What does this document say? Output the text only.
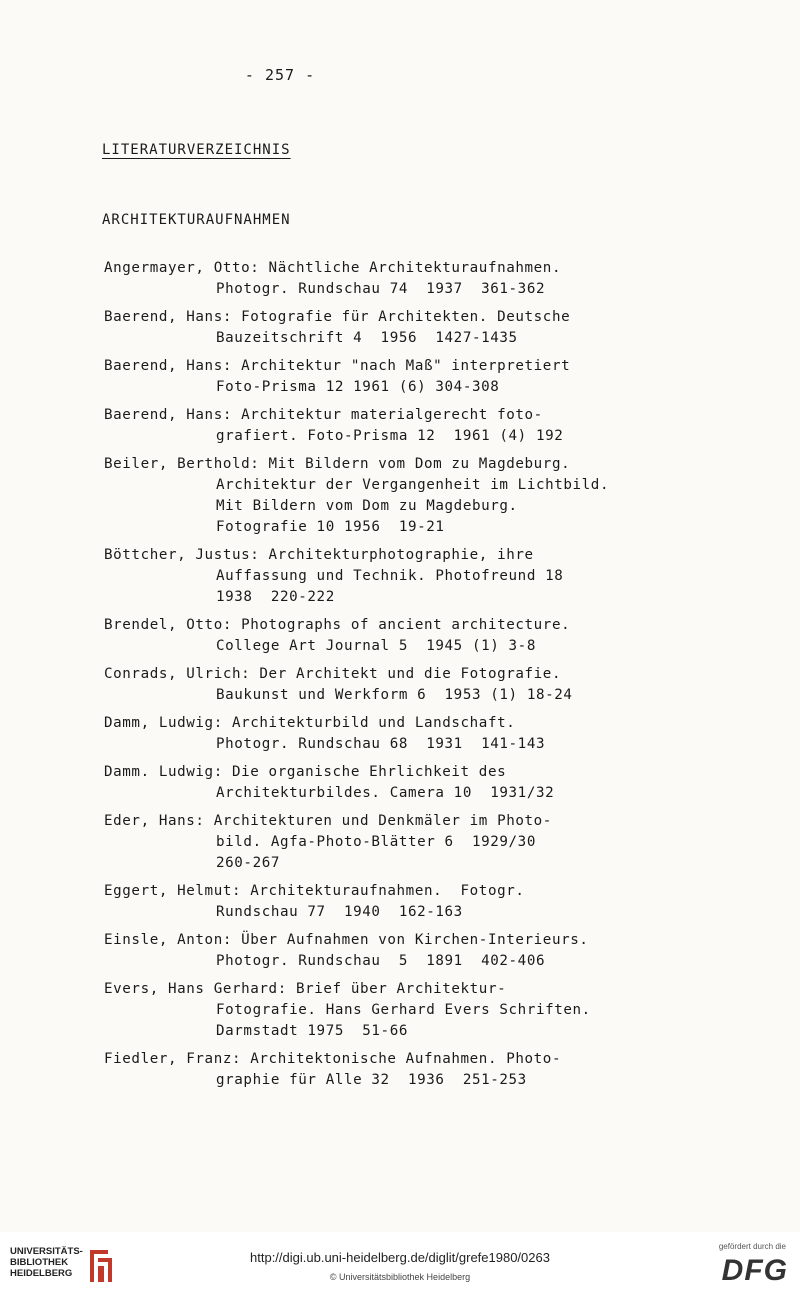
- 257 -
LITERATURVERZEICHNIS
ARCHITEKTURAUFNAHMEN
Angermayer, Otto: Nächtliche Architekturaufnahmen.
Photogr. Rundschau 74  1937  361-362
Baerend, Hans: Fotografie für Architekten. Deutsche
Bauzeitschrift 4  1956  1427-1435
Baerend, Hans: Architektur "nach Maß" interpretiert
Foto-Prisma 12 1961 (6) 304-308
Baerend, Hans: Architektur materialgerecht foto-
grafiert. Foto-Prisma 12  1961 (4) 192
Beiler, Berthold: Mit Bildern vom Dom zu Magdeburg.
Architektur der Vergangenheit im Lichtbild.
Mit Bildern vom Dom zu Magdeburg.
Fotografie 10 1956  19-21
Böttcher, Justus: Architekturphotographie, ihre
Auffassung und Technik. Photofreund 18
1938  220-222
Brendel, Otto: Photographs of ancient architecture.
College Art Journal 5  1945 (1) 3-8
Conrads, Ulrich: Der Architekt und die Fotografie.
Baukunst und Werkform 6  1953 (1) 18-24
Damm, Ludwig: Architekturbild und Landschaft.
Photogr. Rundschau 68  1931  141-143
Damm. Ludwig: Die organische Ehrlichkeit des
Architekturbildes. Camera 10  1931/32
Eder, Hans: Architekturen und Denkmäler im Photo-
bild. Agfa-Photo-Blätter 6  1929/30
260-267
Eggert, Helmut: Architekturaufnahmen.  Fotogr.
Rundschau 77  1940  162-163
Einsle, Anton: Über Aufnahmen von Kirchen-Interieurs.
Photogr. Rundschau  5  1891  402-406
Evers, Hans Gerhard: Brief über Architektur-
Fotografie. Hans Gerhard Evers Schriften.
Darmstadt 1975  51-66
Fiedler, Franz: Architektonische Aufnahmen. Photo-
graphie für Alle 32  1936  251-253
UNIVERSITÄTS-
BIBLIOTHEK
HEIDELBERG
http://digi.ub.uni-heidelberg.de/diglit/grefe1980/0263
© Universitätsbibliothek Heidelberg
gefördert durch die
DFG
